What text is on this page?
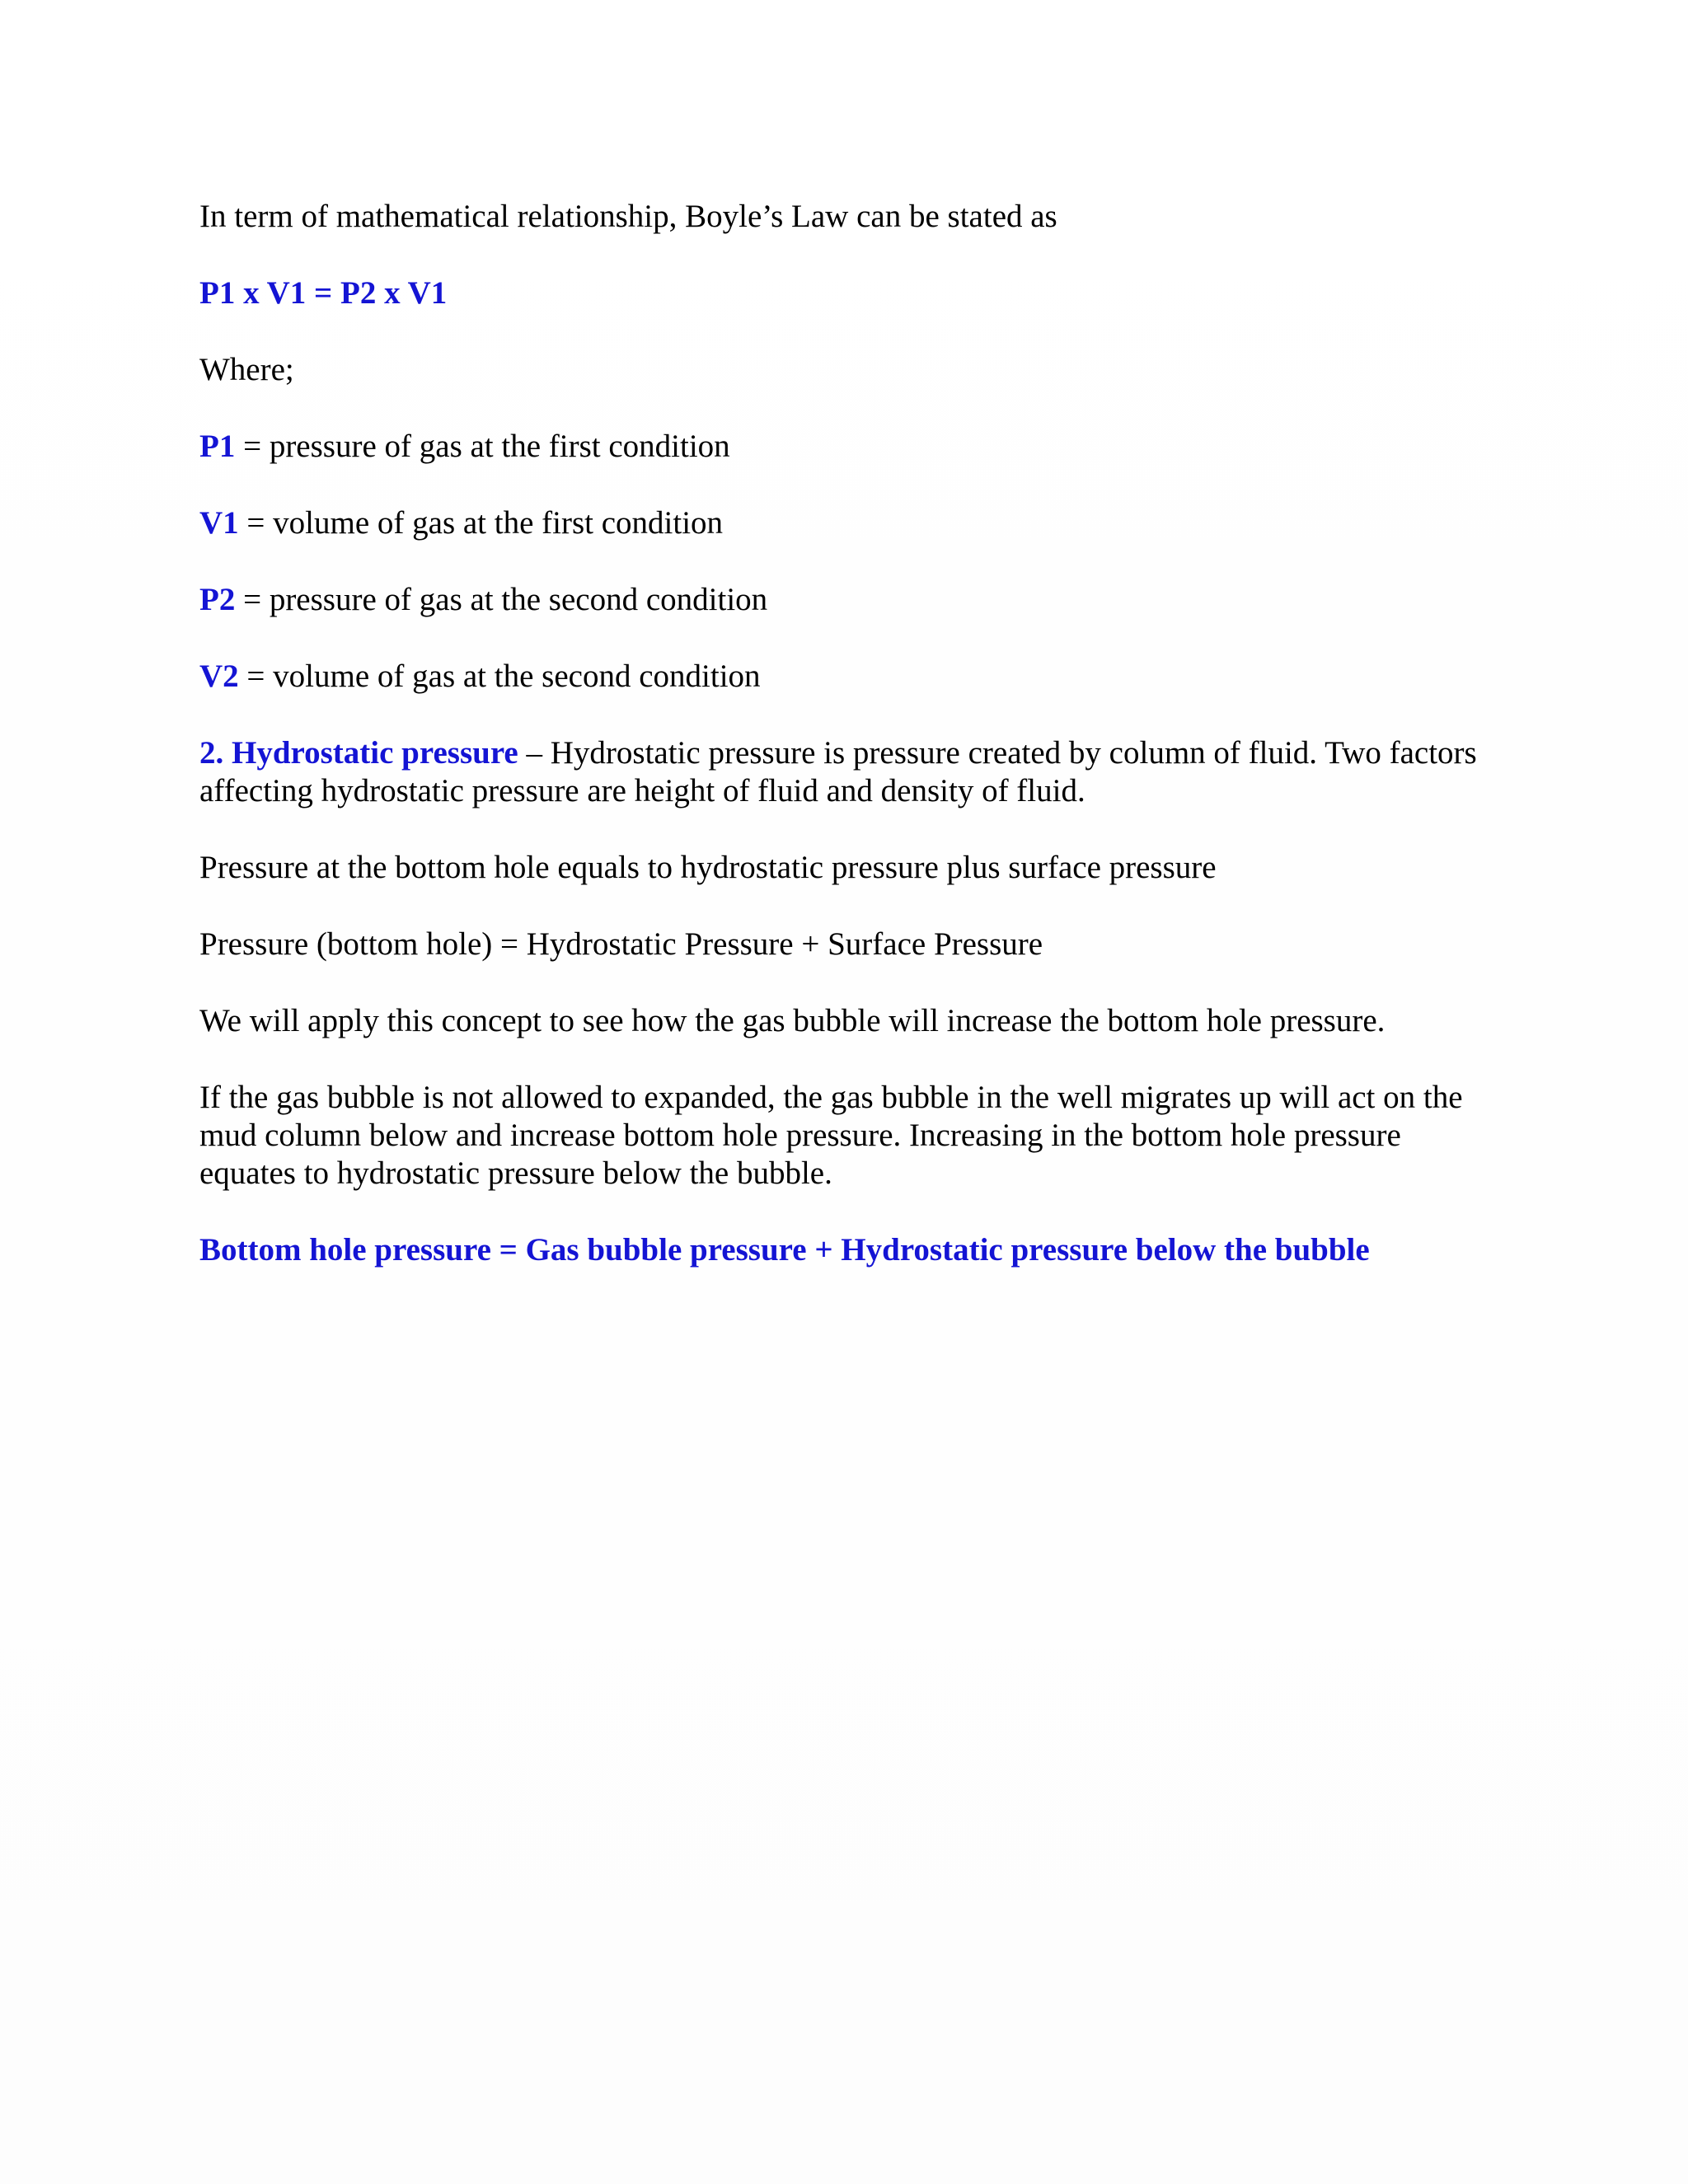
In term of mathematical relationship, Boyle’s Law can be stated as

P1 x V1 = P2 x V1

Where;

P1 = pressure of gas at the first condition

V1 = volume of gas at the first condition

P2 = pressure of gas at the second condition

V2 = volume of gas at the second condition

2. Hydrostatic pressure – Hydrostatic pressure is pressure created by column of fluid. Two factors affecting hydrostatic pressure are height of fluid and density of fluid.

Pressure at the bottom hole equals to hydrostatic pressure plus surface pressure

Pressure (bottom hole) = Hydrostatic Pressure + Surface Pressure

We will apply this concept to see how the gas bubble will increase the bottom hole pressure.

If the gas bubble is not allowed to expanded, the gas bubble in the well migrates up will act on the mud column below and increase bottom hole pressure. Increasing in the bottom hole pressure equates to hydrostatic pressure below the bubble.

Bottom hole pressure = Gas bubble pressure + Hydrostatic pressure below the bubble
